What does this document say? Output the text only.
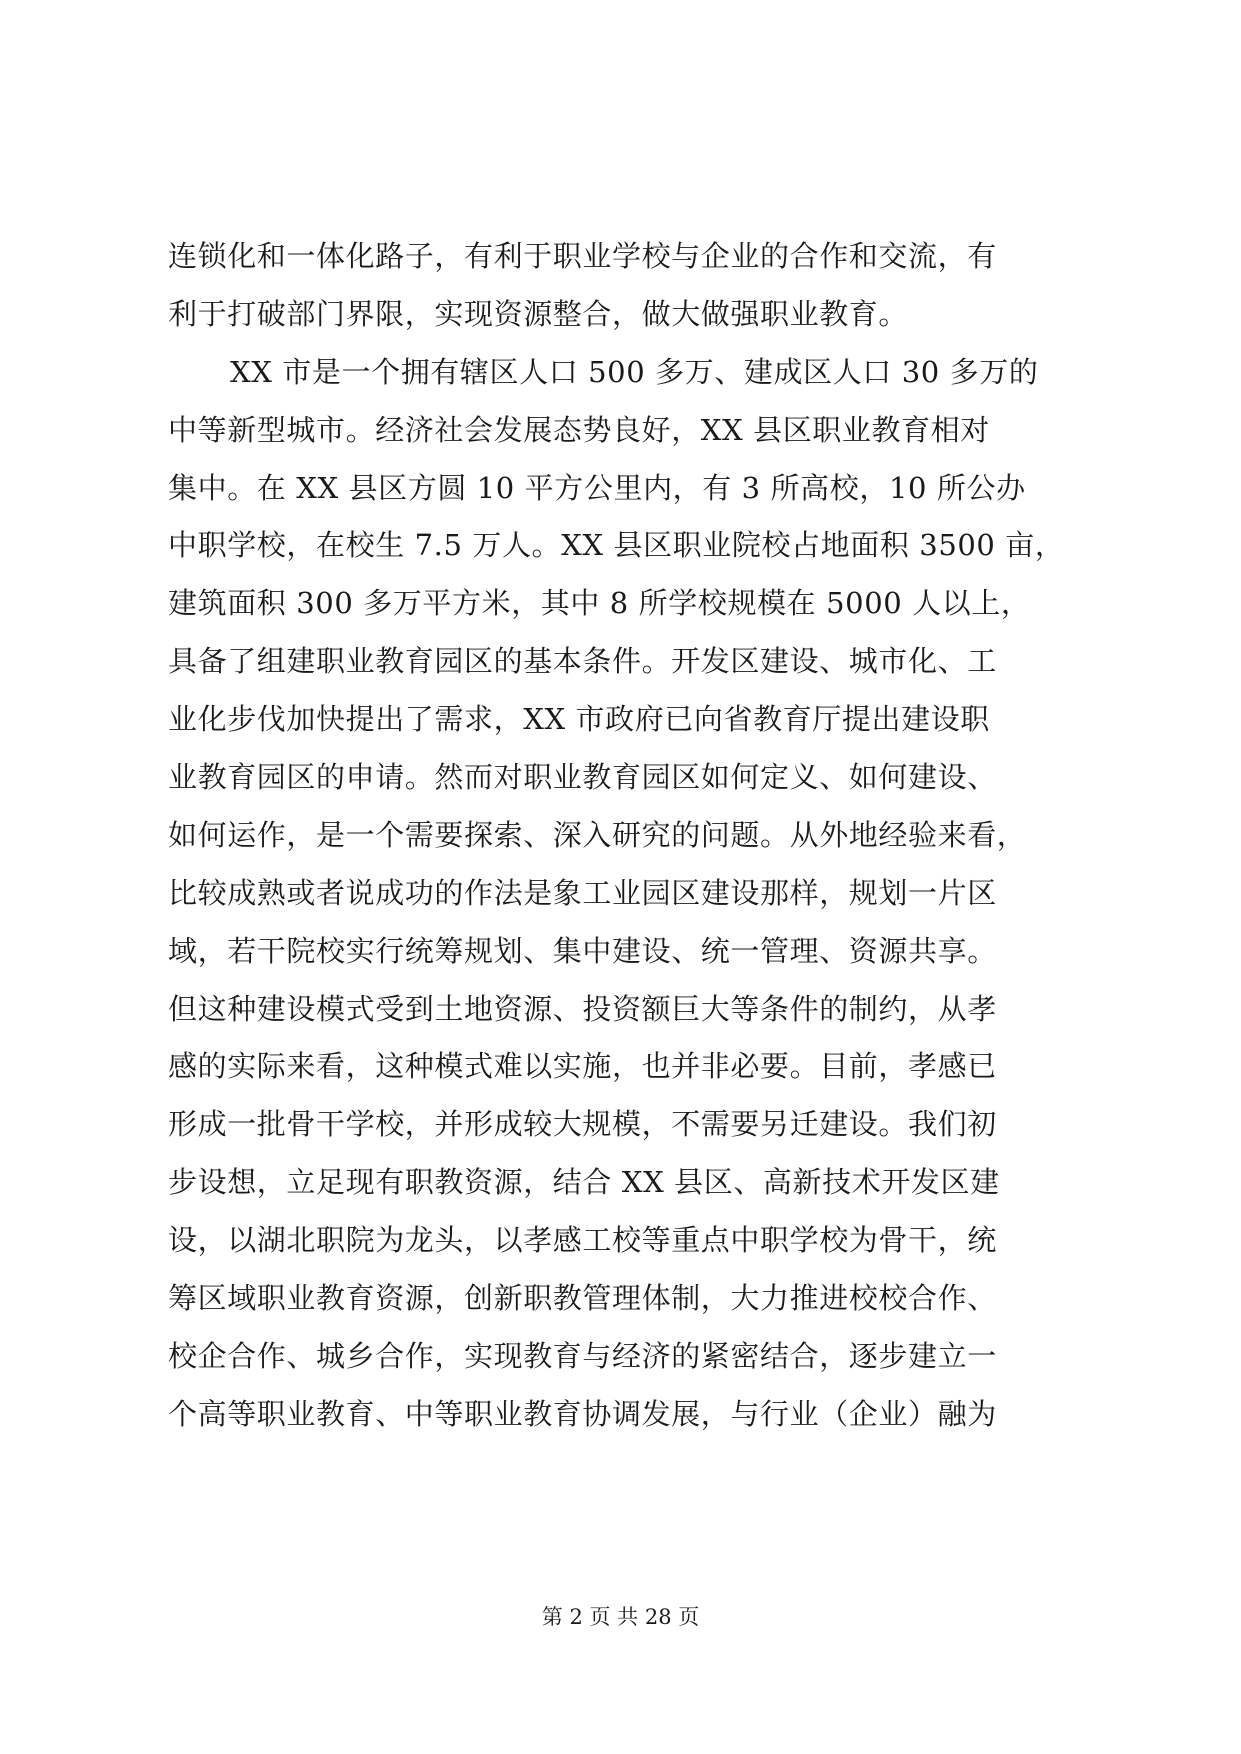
连锁化和一体化路子，有利于职业学校与企业的合作和交流，有
利于打破部门界限，实现资源整合，做大做强职业教育。
XX 市是一个拥有辖区人口 500 多万、建成区人口 30 多万的
中等新型城市。经济社会发展态势良好，XX 县区职业教育相对
集中。在 XX 县区方圆 10 平方公里内，有 3 所高校，10 所公办
中职学校，在校生 7.5 万人。XX 县区职业院校占地面积 3500 亩，
建筑面积 300 多万平方米，其中 8 所学校规模在 5000 人以上，
具备了组建职业教育园区的基本条件。开发区建设、城市化、工
业化步伐加快提出了需求，XX 市政府已向省教育厅提出建设职
业教育园区的申请。然而对职业教育园区如何定义、如何建设、
如何运作，是一个需要探索、深入研究的问题。从外地经验来看，
比较成熟或者说成功的作法是象工业园区建设那样，规划一片区
域，若干院校实行统筹规划、集中建设、统一管理、资源共享。
但这种建设模式受到土地资源、投资额巨大等条件的制约，从孝
感的实际来看，这种模式难以实施，也并非必要。目前，孝感已
形成一批骨干学校，并形成较大规模，不需要另迁建设。我们初
步设想，立足现有职教资源，结合 XX 县区、高新技术开发区建
设，以湖北职院为龙头，以孝感工校等重点中职学校为骨干，统
筹区域职业教育资源，创新职教管理体制，大力推进校校合作、
校企合作、城乡合作，实现教育与经济的紧密结合，逐步建立一
个高等职业教育、中等职业教育协调发展，与行业（企业）融为
第 2 页 共 28 页
